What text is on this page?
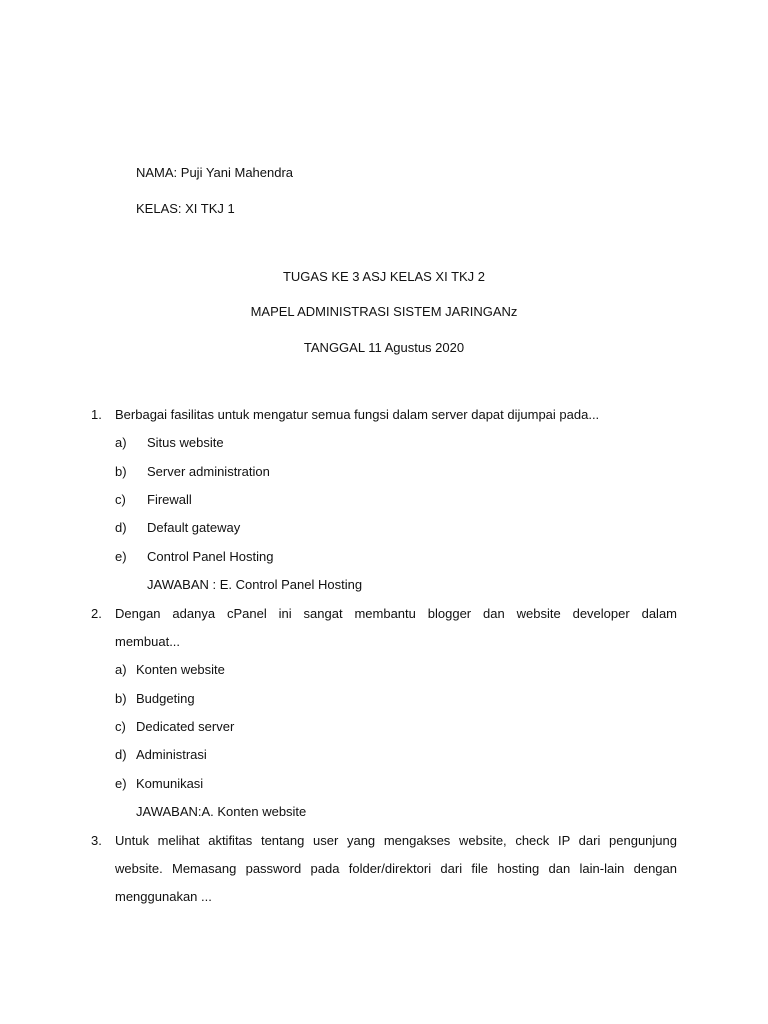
NAMA: Puji Yani Mahendra
KELAS: XI TKJ 1
TUGAS KE 3 ASJ KELAS XI TKJ 2
MAPEL ADMINISTRASI SISTEM JARINGANz
TANGGAL 11 Agustus 2020
1. Berbagai fasilitas untuk mengatur semua fungsi dalam server dapat dijumpai pada...
a) Situs website
b) Server administration
c) Firewall
d) Default gateway
e) Control Panel Hosting
JAWABAN : E. Control Panel Hosting
2. Dengan adanya cPanel ini sangat membantu blogger dan website developer dalam
membuat...
a) Konten website
b) Budgeting
c) Dedicated server
d) Administrasi
e) Komunikasi
JAWABAN:A. Konten website
3. Untuk melihat aktifitas tentang user yang mengakses website, check IP dari pengunjung
website. Memasang password pada folder/direktori dari file hosting dan lain-lain dengan
menggunakan ...
